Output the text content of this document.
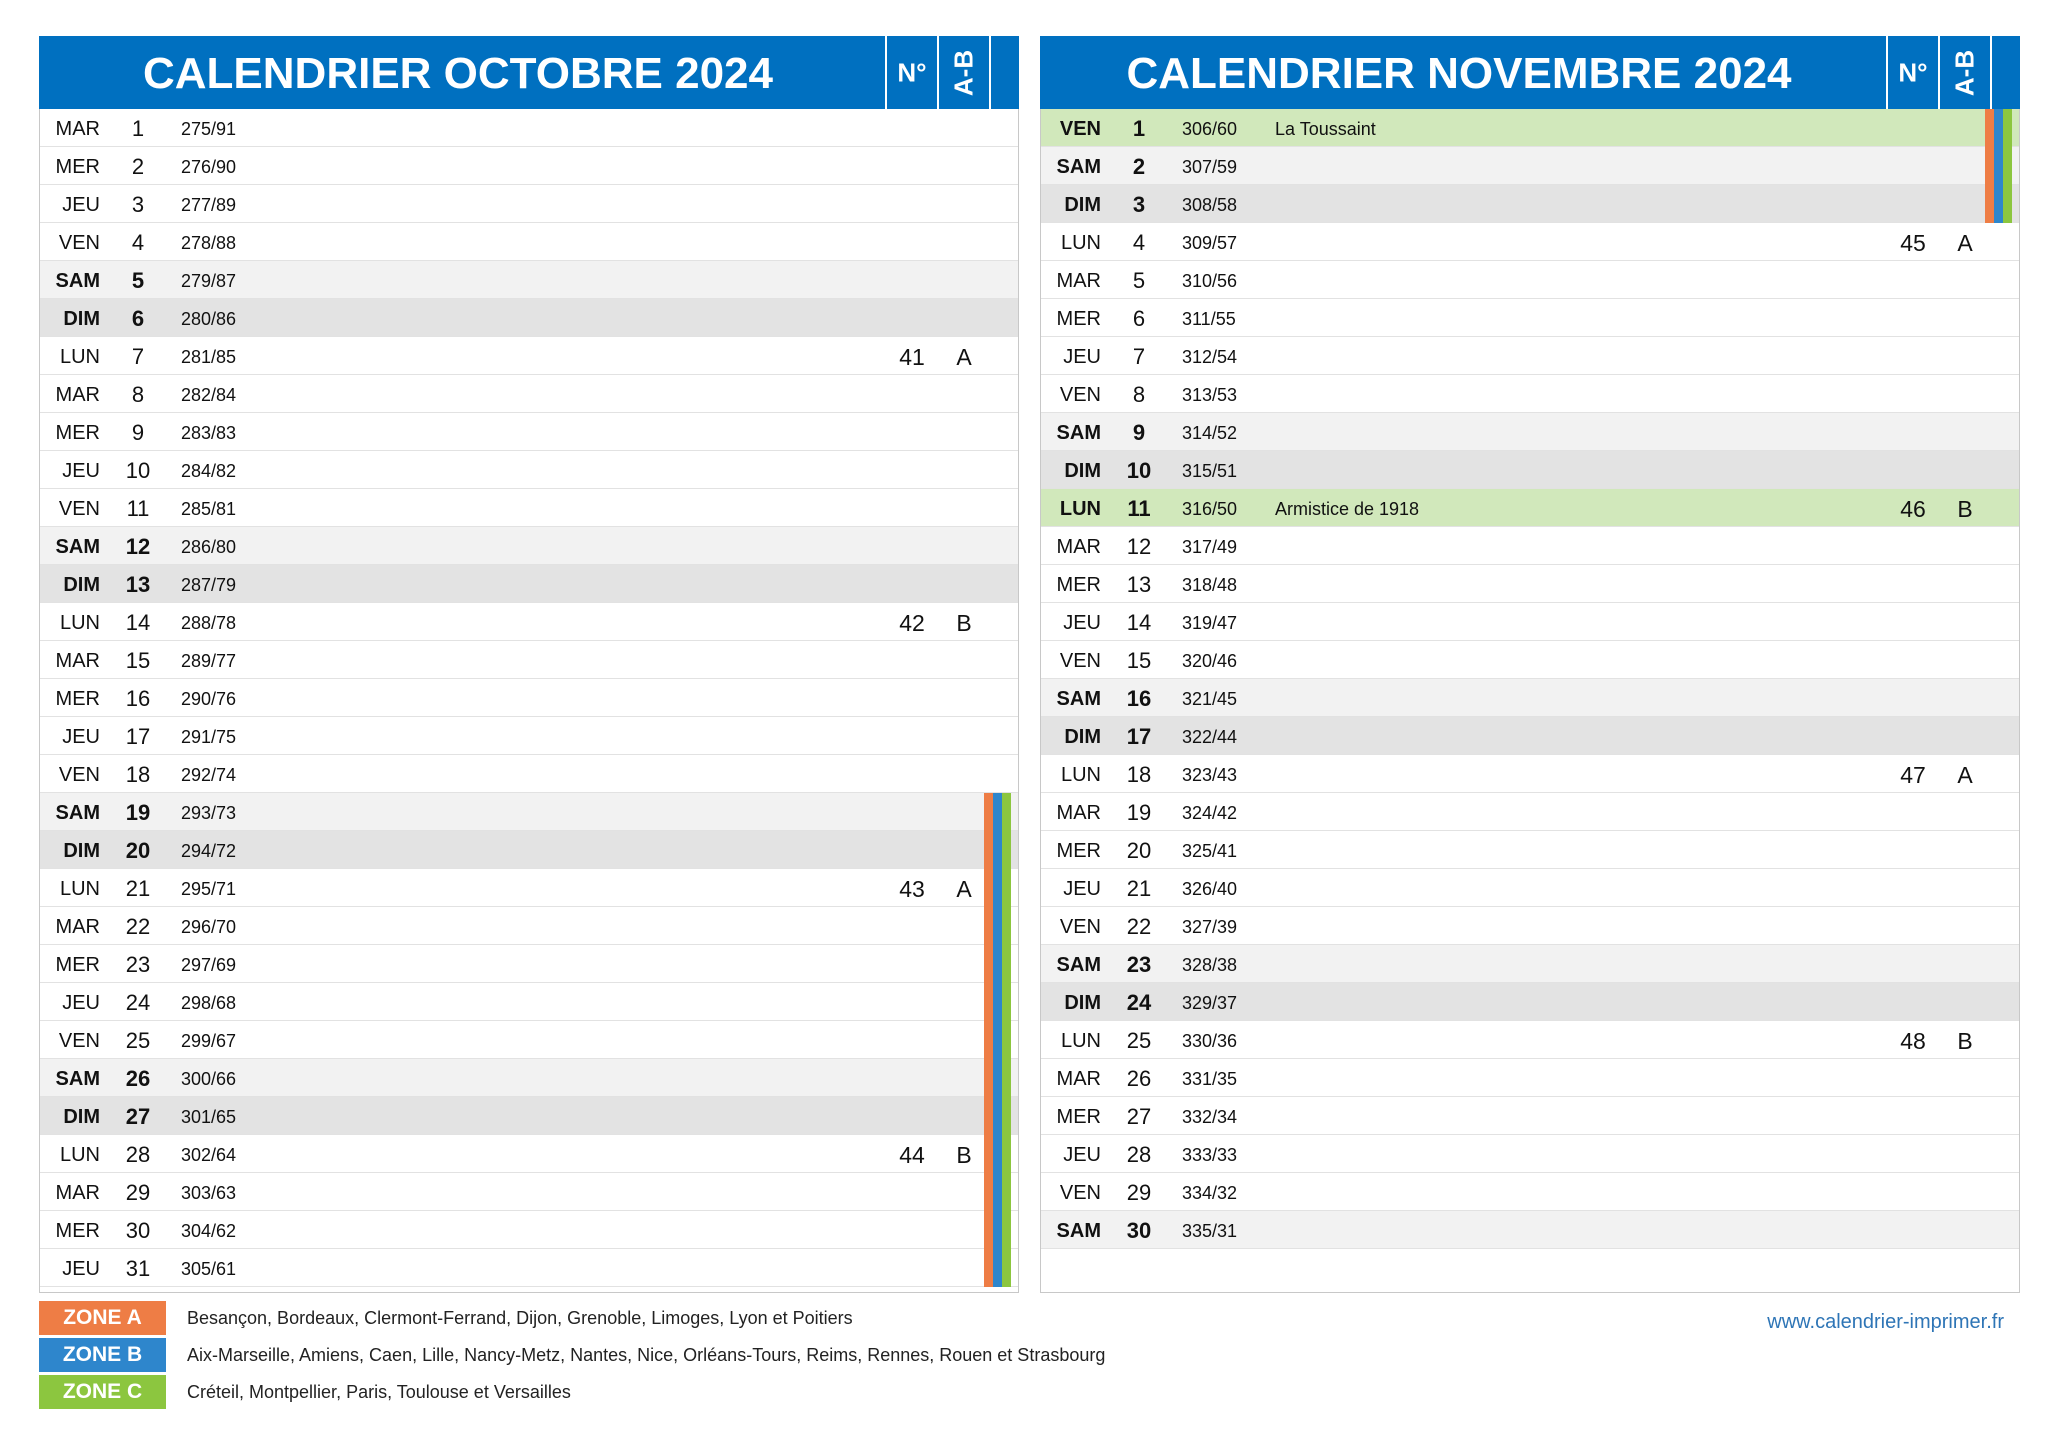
CALENDRIER OCTOBRE 2024	N° A-B
MAR	1	275/91
MER	2	276/90
JEU	3	277/89
VEN	4	278/88
SAM	5	279/87
DIM	6	280/86
LUN	7	281/85	41	A
MAR	8	282/84
MER	9	283/83
JEU	10	284/82
VEN	11	285/81
SAM	12	286/80
DIM	13	287/79
LUN	14	288/78	42	B
MAR	15	289/77
MER	16	290/76
JEU	17	291/75
VEN	18	292/74
SAM	19	293/73
DIM	20	294/72
LUN	21	295/71	43	A
MAR	22	296/70
MER	23	297/69
JEU	24	298/68
VEN	25	299/67
SAM	26	300/66
DIM	27	301/65
LUN	28	302/64	44	B
MAR	29	303/63
MER	30	304/62
JEU	31	305/61
CALENDRIER NOVEMBRE 2024	N° A-B
VEN	1	306/60 La Toussaint
SAM	2	307/59
DIM	3	308/58
LUN	4	309/57	45	A
MAR	5	310/56
MER	6	311/55
JEU	7	312/54
VEN	8	313/53
SAM	9	314/52
DIM	10	315/51
LUN	11	316/50 Armistice de 1918	46	B
MAR	12	317/49
MER	13	318/48
JEU	14	319/47
VEN	15	320/46
SAM	16	321/45
DIM	17	322/44
LUN	18	323/43	47	A
MAR	19	324/42
MER	20	325/41
JEU	21	326/40
VEN	22	327/39
SAM	23	328/38
DIM	24	329/37
LUN	25	330/36	48	B
MAR	26	331/35
MER	27	332/34
JEU	28	333/33
VEN	29	334/32
SAM	30	335/31
ZONE A	Besançon, Bordeaux, Clermont-Ferrand, Dijon, Grenoble, Limoges, Lyon et Poitiers
ZONE B	Aix-Marseille, Amiens, Caen, Lille, Nancy-Metz, Nantes, Nice, Orléans-Tours, Reims, Rennes, Rouen et Strasbourg
ZONE C	Créteil, Montpellier, Paris, Toulouse et Versailles
www.calendrier-imprimer.fr
